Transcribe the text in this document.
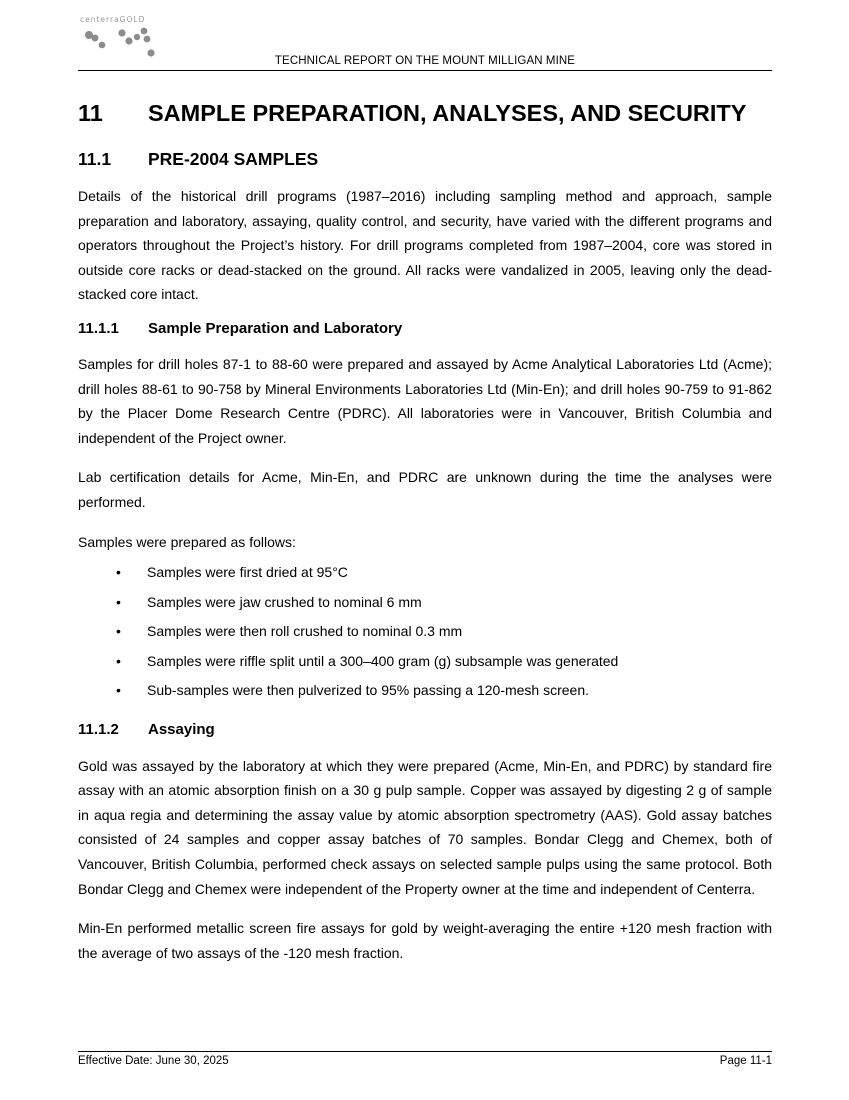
centerraGOLD
TECHNICAL REPORT ON THE MOUNT MILLIGAN MINE
11	SAMPLE PREPARATION, ANALYSES, AND SECURITY
11.1	PRE-2004 SAMPLES

Details of the historical drill programs (1987–2016) including sampling method and approach, sample preparation and laboratory, assaying, quality control, and security, have varied with the different programs and operators throughout the Project’s history. For drill programs completed from 1987–2004, core was stored in outside core racks or dead-stacked on the ground. All racks were vandalized in 2005, leaving only the dead-stacked core intact.

11.1.1	Sample Preparation and Laboratory

Samples for drill holes 87-1 to 88-60 were prepared and assayed by Acme Analytical Laboratories Ltd (Acme); drill holes 88-61 to 90-758 by Mineral Environments Laboratories Ltd (Min-En); and drill holes 90-759 to 91-862 by the Placer Dome Research Centre (PDRC). All laboratories were in Vancouver, British Columbia and independent of the Project owner.

Lab certification details for Acme, Min-En, and PDRC are unknown during the time the analyses were performed.

Samples were prepared as follows:

• Samples were first dried at 95°C
• Samples were jaw crushed to nominal 6 mm
• Samples were then roll crushed to nominal 0.3 mm
• Samples were riffle split until a 300–400 gram (g) subsample was generated
• Sub-samples were then pulverized to 95% passing a 120-mesh screen.
11.1.2	Assaying

Gold was assayed by the laboratory at which they were prepared (Acme, Min-En, and PDRC) by standard fire assay with an atomic absorption finish on a 30 g pulp sample. Copper was assayed by digesting 2 g of sample in aqua regia and determining the assay value by atomic absorption spectrometry (AAS). Gold assay batches consisted of 24 samples and copper assay batches of 70 samples. Bondar Clegg and Chemex, both of Vancouver, British Columbia, performed check assays on selected sample pulps using the same protocol. Both Bondar Clegg and Chemex were independent of the Property owner at the time and independent of Centerra.

Min-En performed metallic screen fire assays for gold by weight-averaging the entire +120 mesh fraction with the average of two assays of the -120 mesh fraction.

Effective Date: June 30, 2025	Page 11-1
